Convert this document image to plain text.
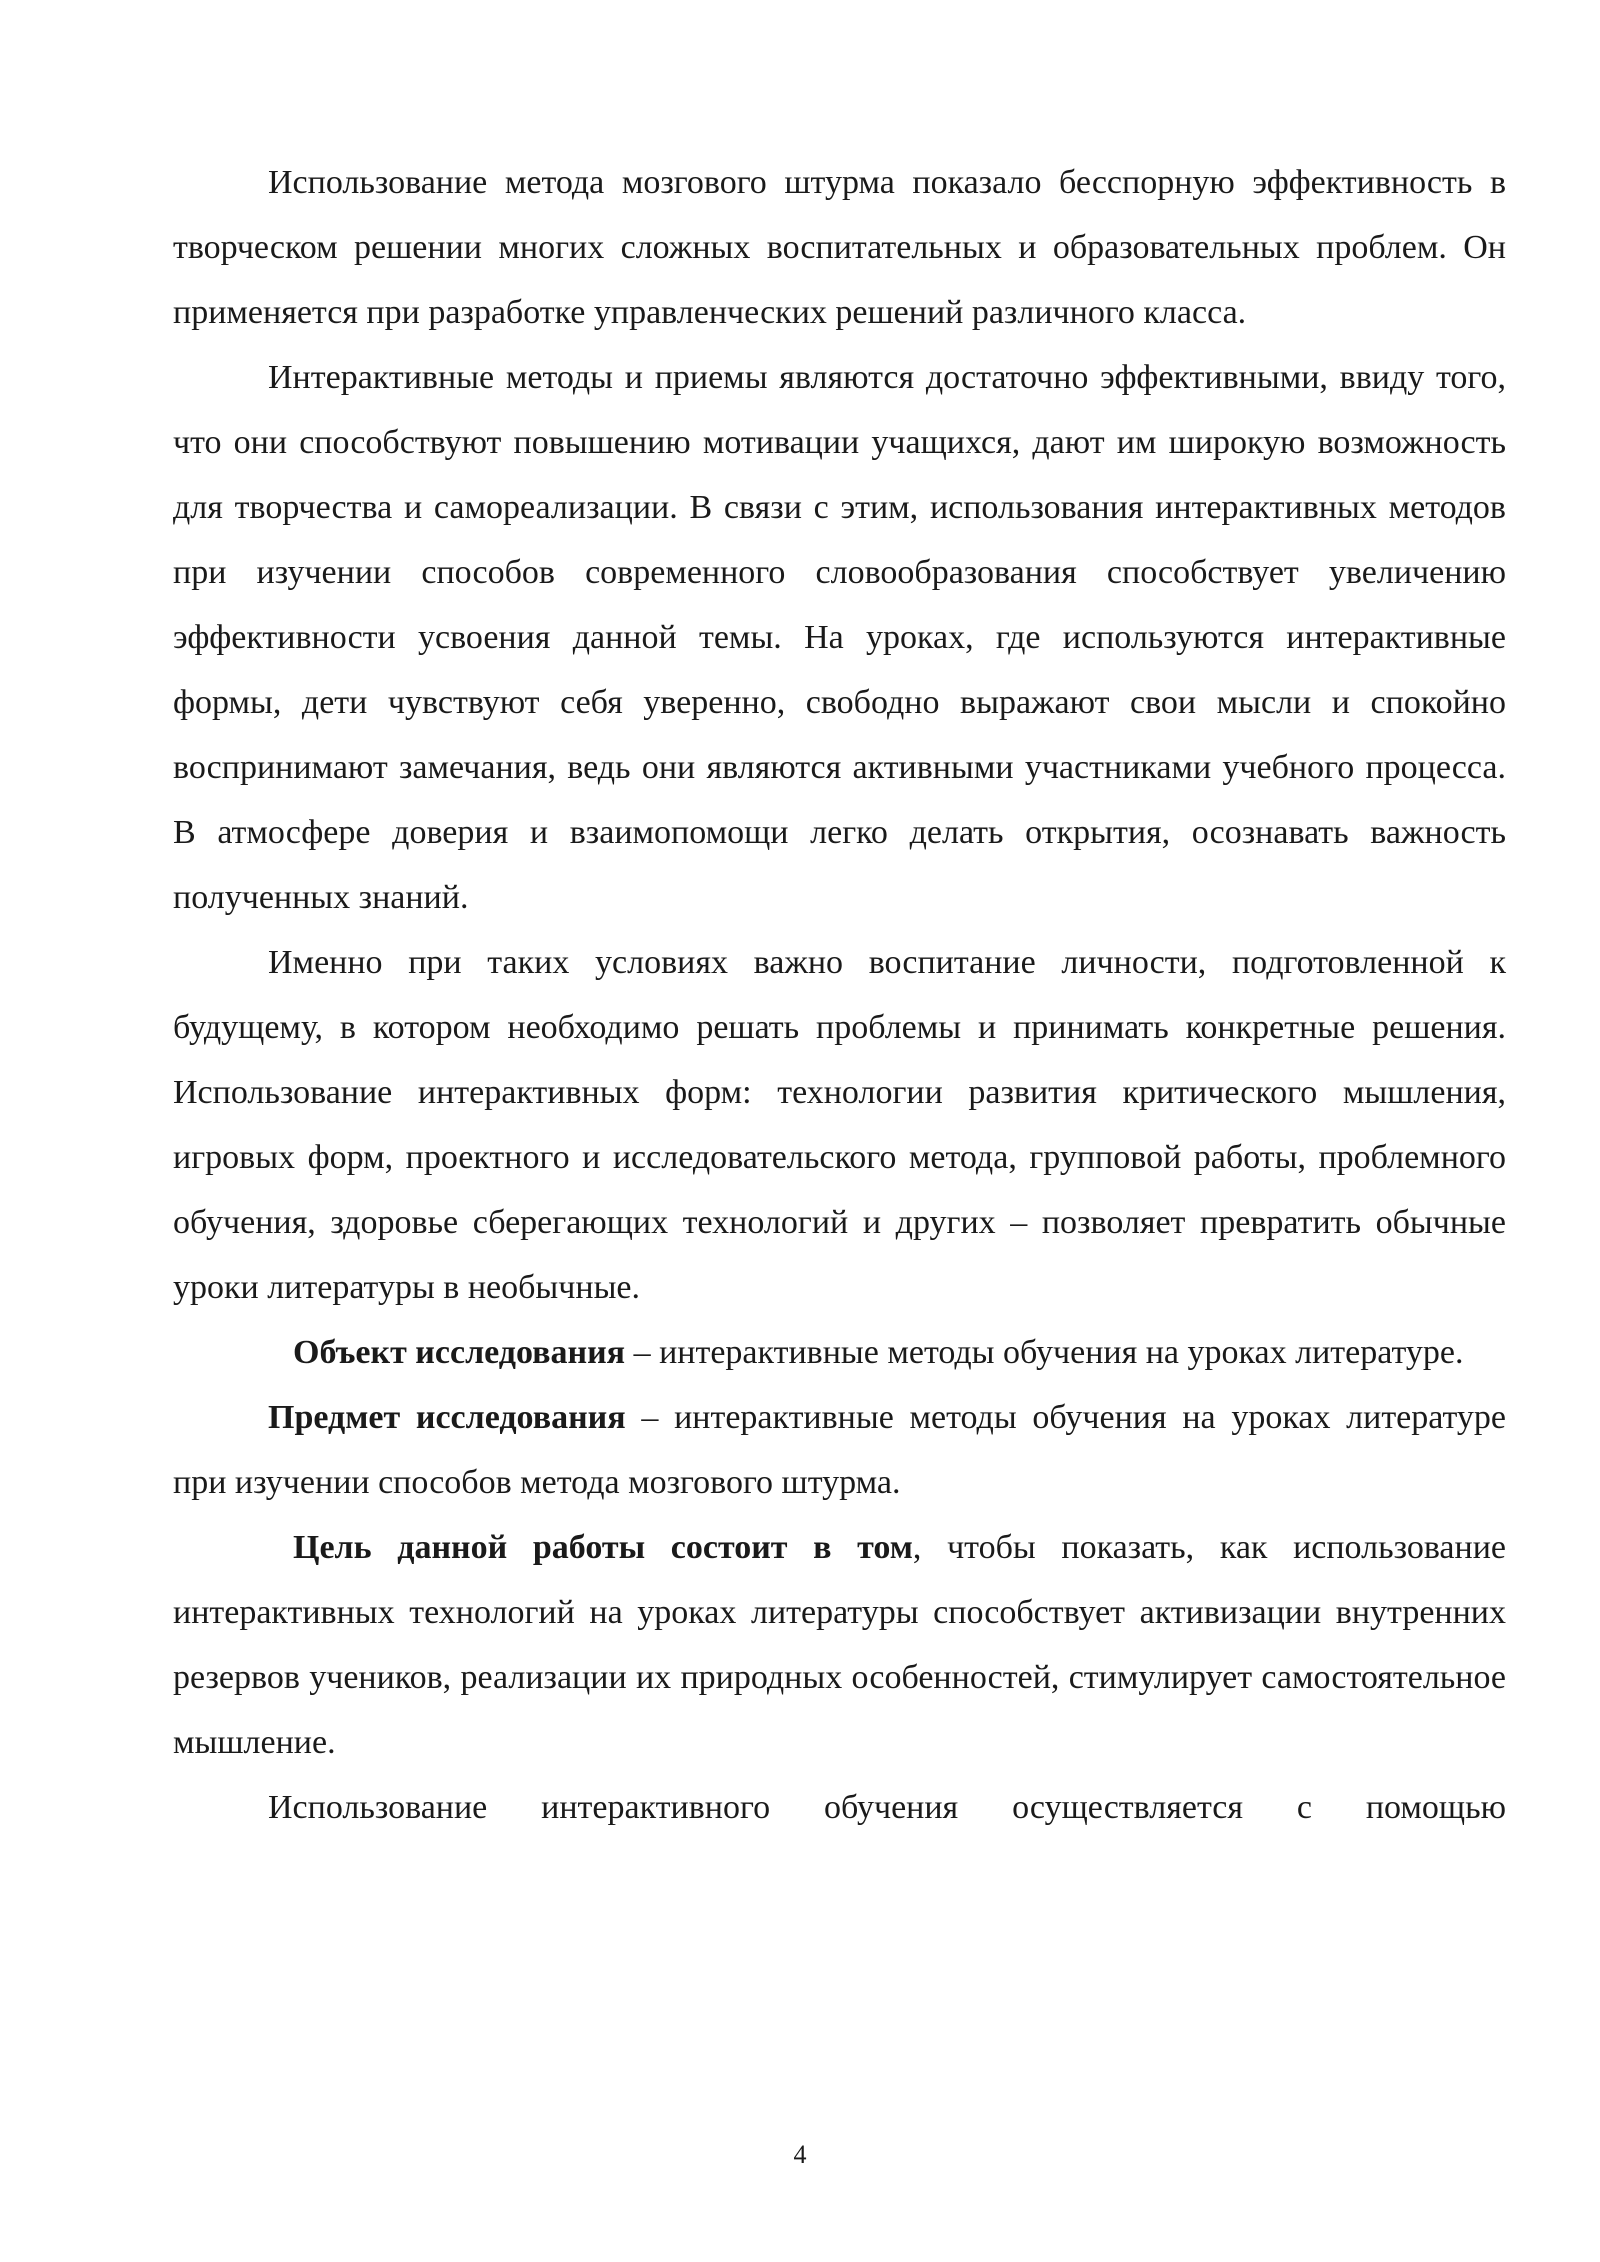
Использование метода мозгового штурма показало бесспорную эффективность в творческом решении многих сложных воспитательных и образовательных проблем. Он применяется при разработке управленческих решений различного класса.

Интерактивные методы и приемы являются достаточно эффективными, ввиду того, что они способствуют повышению мотивации учащихся, дают им широкую возможность для творчества и самореализации. В связи с этим, использования интерактивных методов при изучении способов современного словообразования способствует увеличению эффективности усвоения данной темы. На уроках, где используются интерактивные формы, дети чувствуют себя уверенно, свободно выражают свои мысли и спокойно воспринимают замечания, ведь они являются активными участниками учебного процесса. В атмосфере доверия и взаимопомощи легко делать открытия, осознавать важность полученных знаний.

Именно при таких условиях важно воспитание личности, подготовленной к будущему, в котором необходимо решать проблемы и принимать конкретные решения. Использование интерактивных форм: технологии развития критического мышления, игровых форм, проектного и исследовательского метода, групповой работы, проблемного обучения, здоровье сберегающих технологий и других – позволяет превратить обычные уроки литературы в необычные.

Объект исследования – интерактивные методы обучения на уроках литературе.

Предмет исследования – интерактивные методы обучения на уроках литературе при изучении способов метода мозгового штурма.

Цель данной работы состоит в том, чтобы показать, как использование интерактивных технологий на уроках литературы способствует активизации внутренних резервов учеников, реализации их природных особенностей, стимулирует самостоятельное мышление.

Использование интерактивного обучения осуществляется с помощью

4
